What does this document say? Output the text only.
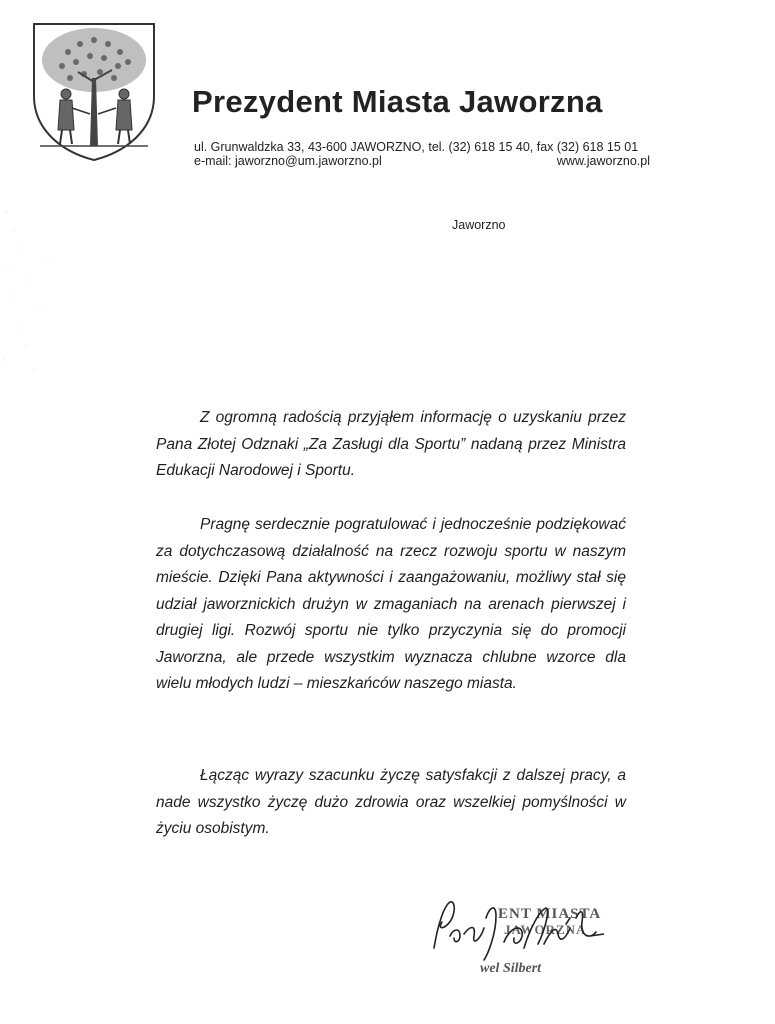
Prezydent Miasta Jaworzna
ul. Grunwaldzka 33, 43-600 JAWORZNO, tel. (32) 618 15 40, fax (32) 618 15 01
e-mail: jaworzno@um.jaworzno.pl	www.jaworzno.pl
Jaworzno

Z ogromną radością przyjąłem informację o uzyskaniu przez Pana Złotej Odznaki „Za Zasługi dla Sportu” nadaną przez Ministra Edukacji Narodowej i Sportu.

Pragnę serdecznie pogratulować i jednocześnie podziękować za dotychczasową działalność na rzecz rozwoju sportu w naszym mieście. Dzięki Pana aktywności i zaangażowaniu, możliwy stał się udział jaworznickich drużyn w zmaganiach na arenach pierwszej i drugiej ligi. Rozwój sportu nie tylko przyczynia się do promocji Jaworzna, ale przede wszystkim wyznacza chlubne wzorce dla wielu młodych ludzi – mieszkańców naszego miasta.

Łącząc wyrazy szacunku życzę satysfakcji z dalszej pracy, a nade wszystko życzę dużo zdrowia oraz wszelkiej pomyślności w życiu osobistym.

ENT MIASTA
JAWORZNA
wel Silbert
